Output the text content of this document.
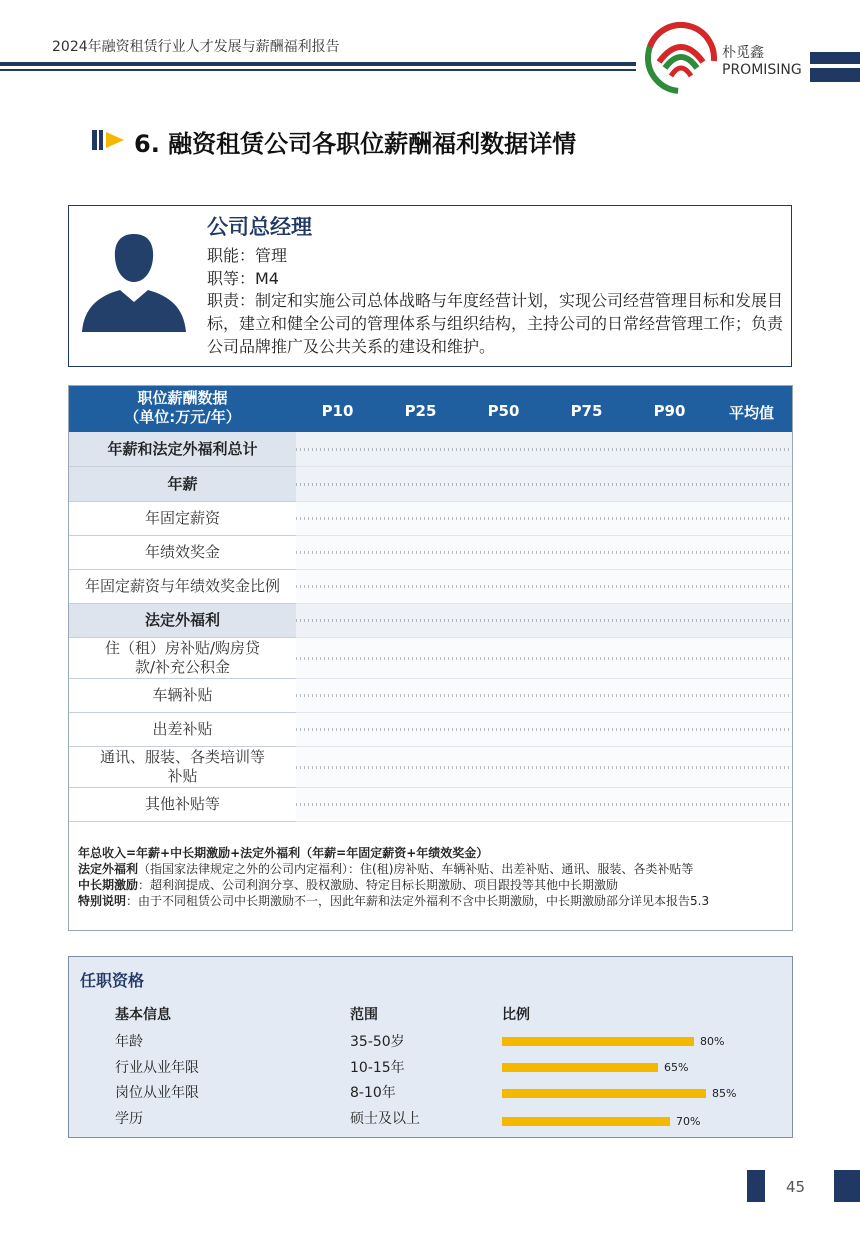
2024年融资租赁行业人才发展与薪酬福利报告	朴觅鑫
PROMISING
6. 融资租赁公司各职位薪酬福利数据详情
公司总经理
职能：管理
职等：M4
职责：制定和实施公司总体战略与年度经营计划，实现公司经营管理目标和发展目标，建立和健全公司的管理体系与组织结构，主持公司的日常经营管理工作；负责公司品牌推广及公共关系的建设和维护。
职位薪酬数据
（单位:万元/年）	P10	P25	P50	P75	P90	平均值
年薪和法定外福利总计
年薪
年固定薪资
年绩效奖金
年固定薪资与年绩效奖金比例
法定外福利
住（租）房补贴/购房贷款/补充公积金
车辆补贴
出差补贴
通讯、服装、各类培训等补贴
其他补贴等
年总收入=年薪+中长期激励+法定外福利（年薪=年固定薪资+年绩效奖金）
法定外福利（指国家法律规定之外的公司内定福利）：住(租)房补贴、车辆补贴、出差补贴、通讯、服装、各类补贴等
中长期激励：超利润提成、公司利润分享、股权激励、特定目标长期激励、项目跟投等其他中长期激励
特别说明：由于不同租赁公司中长期激励不一，因此年薪和法定外福利不含中长期激励，中长期激励部分详见本报告5.3
任职资格
基本信息	范围	比例
年龄	35-50岁	80%
行业从业年限	10-15年	65%
岗位从业年限	8-10年	85%
学历	硕士及以上	70%
45
